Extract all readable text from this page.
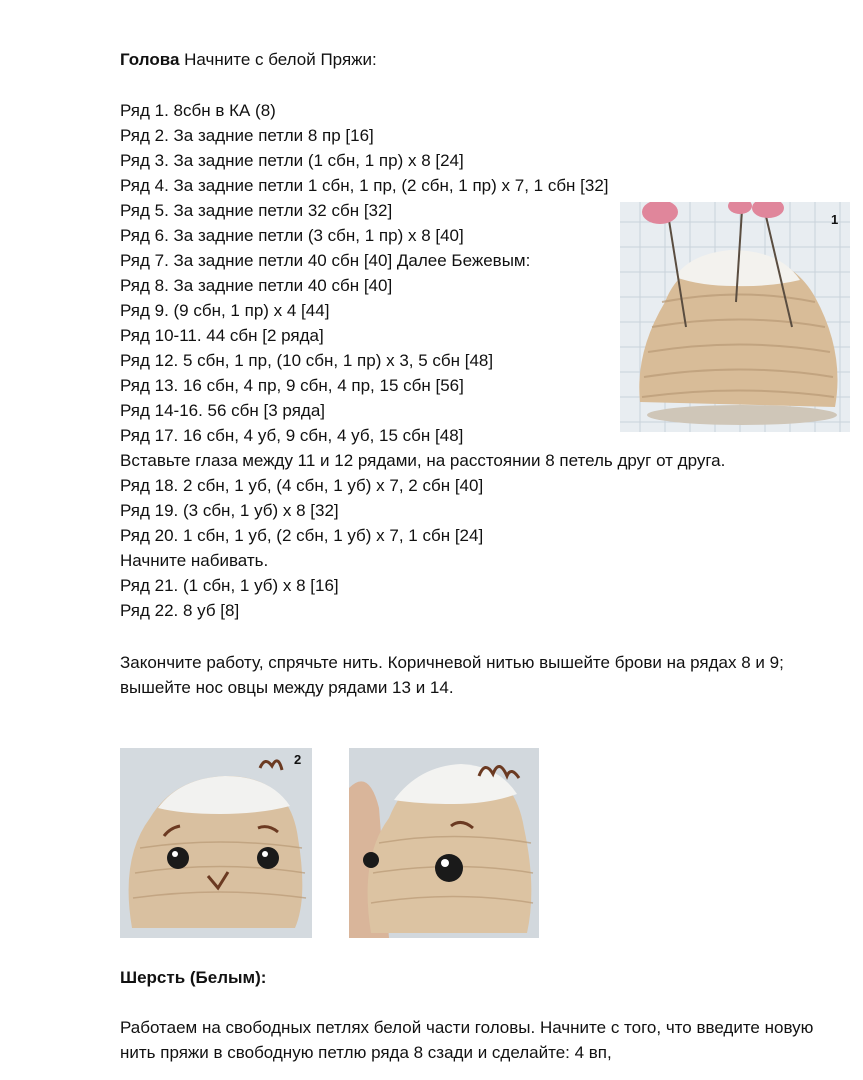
Голова Начните с белой Пряжи:
Ряд 1. 8сбн в КА (8)
Ряд 2. За задние петли 8 пр [16]
Ряд 3. За задние петли (1 сбн, 1 пр) х 8 [24]
Ряд 4. За задние петли 1 сбн, 1 пр, (2 сбн, 1 пр) х 7, 1 сбн [32]
Ряд 5. За задние петли 32 сбн [32]
Ряд 6. За задние петли (3 сбн, 1 пр) х 8 [40]
Ряд 7. За задние петли 40 сбн [40] Далее Бежевым:
Ряд 8. За задние петли 40 сбн [40]
Ряд 9. (9 сбн, 1 пр) х 4 [44]
Ряд 10-11. 44 сбн [2 ряда]
Ряд 12. 5 сбн, 1 пр, (10 сбн, 1 пр) х 3, 5 сбн [48]
Ряд 13. 16 сбн, 4 пр, 9 сбн, 4 пр, 15 сбн [56]
Ряд 14-16. 56 сбн [3 ряда]
Ряд 17. 16 сбн, 4 уб, 9 сбн, 4 уб, 15 сбн [48]
Вставьте глаза между 11 и 12 рядами, на расстоянии 8 петель друг от друга.
Ряд 18. 2 сбн, 1 уб, (4 сбн, 1 уб) х 7, 2 сбн [40]
Ряд 19. (3 сбн, 1 уб) х 8 [32]
Ряд 20. 1 сбн, 1 уб, (2 сбн, 1 уб) х 7, 1 сбн [24]
Начните набивать.
Ряд 21. (1 сбн, 1 уб) х 8 [16]
Ряд 22. 8 уб [8]
1
Закончите работу, спрячьте нить. Коричневой нитью вышейте брови на рядах 8 и 9; вышейте нос овцы между рядами 13 и 14.
2
Шерсть (Белым):
Работаем на свободных петлях белой части головы. Начните с того, что введите новую нить пряжи в свободную петлю ряда 8 сзади и сделайте: 4 вп,
